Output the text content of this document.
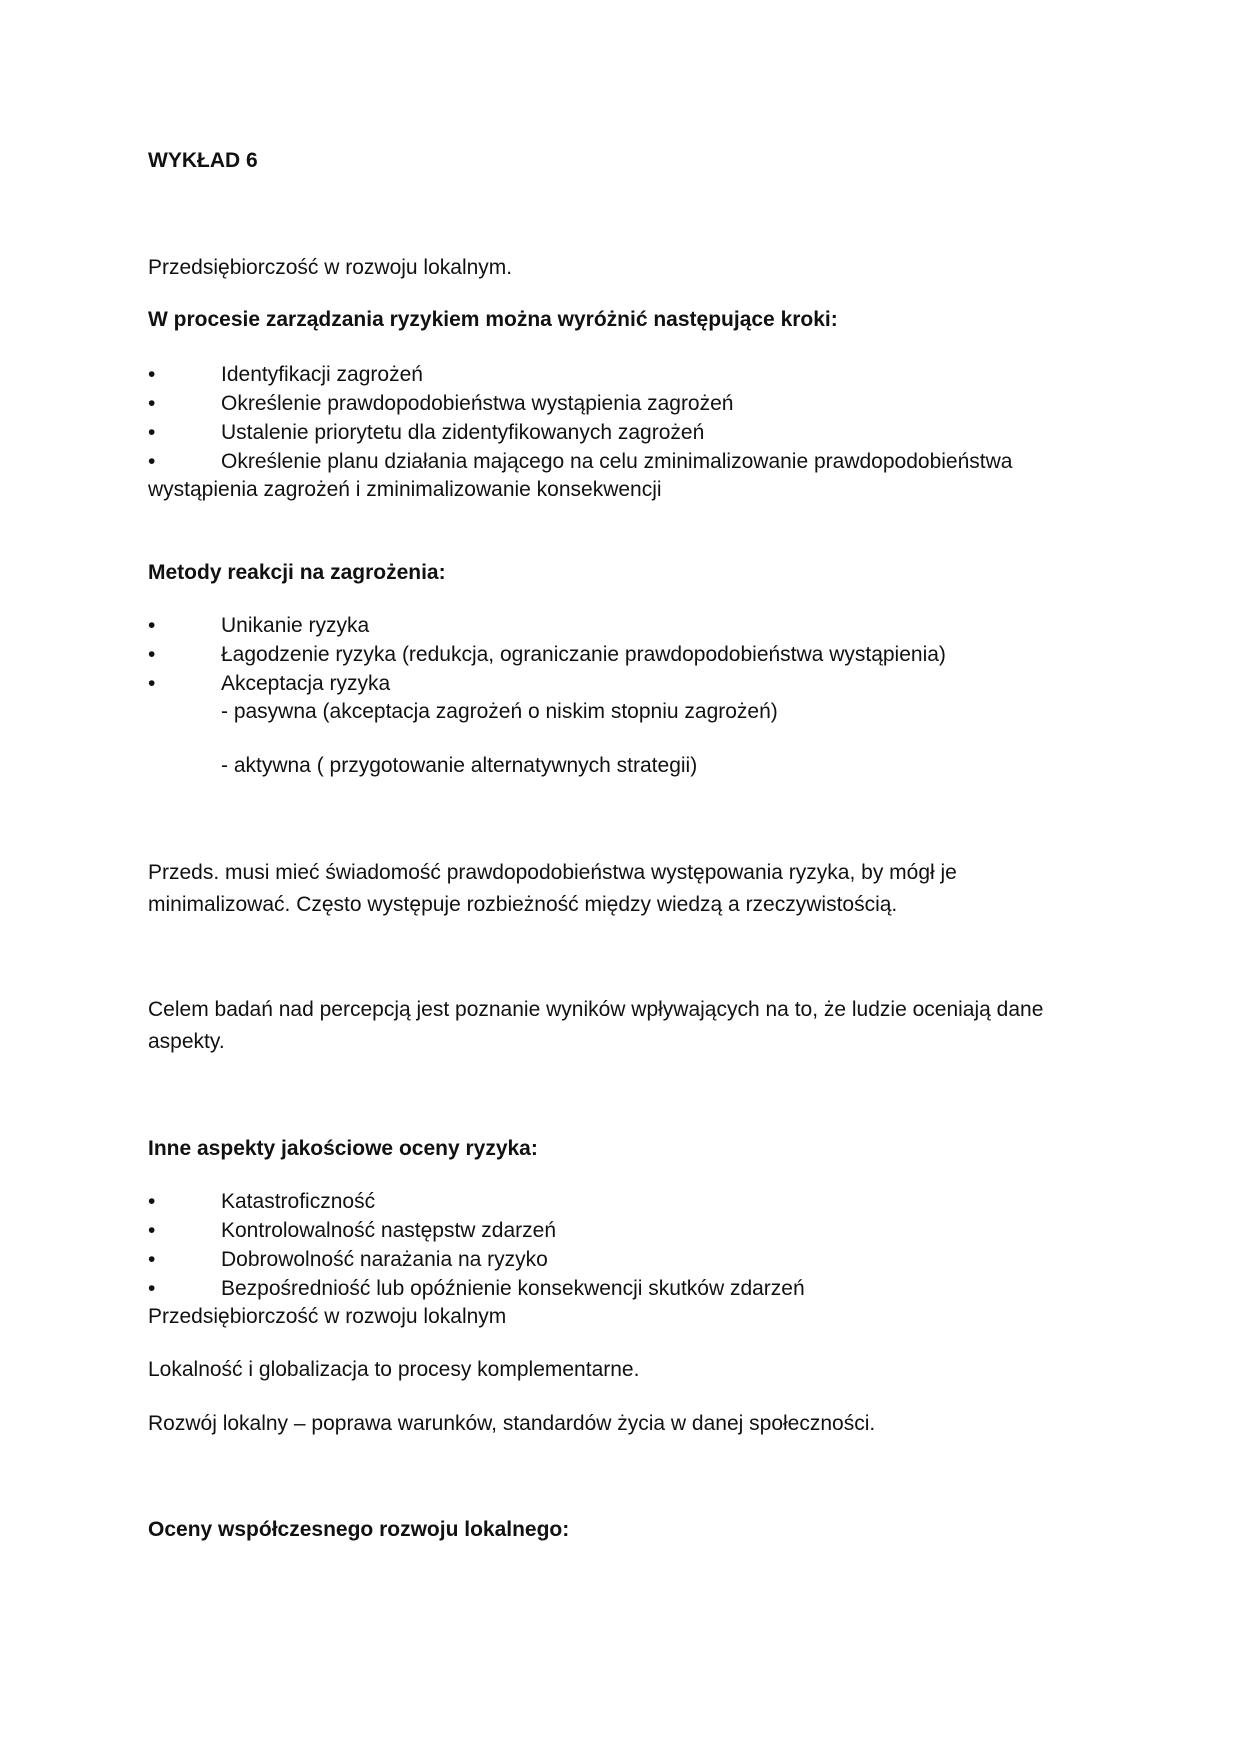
WYKŁAD 6
Przedsiębiorczość w rozwoju lokalnym.
W procesie zarządzania ryzykiem można wyróżnić następujące kroki:
•	Identyfikacji zagrożeń
•	Określenie prawdopodobieństwa wystąpienia zagrożeń
•	Ustalenie priorytetu dla zidentyfikowanych zagrożeń
•	Określenie planu działania mającego na celu zminimalizowanie prawdopodobieństwa
wystąpienia zagrożeń i zminimalizowanie konsekwencji
Metody reakcji na zagrożenia:
•	Unikanie ryzyka
•	Łagodzenie ryzyka (redukcja, ograniczanie prawdopodobieństwa wystąpienia)
•	Akceptacja ryzyka
- pasywna (akceptacja zagrożeń o niskim stopniu zagrożeń)
- aktywna ( przygotowanie alternatywnych strategii)
Przeds. musi mieć świadomość prawdopodobieństwa występowania ryzyka, by mógł je
minimalizować. Często występuje rozbieżność między wiedzą a rzeczywistością.
Celem badań nad percepcją jest poznanie wyników wpływających na to, że ludzie oceniają dane
aspekty.
Inne aspekty jakościowe oceny ryzyka:
•	Katastroficzność
•	Kontrolowalność następstw zdarzeń
•	Dobrowolność narażania na ryzyko
•	Bezpośredniość lub opóźnienie konsekwencji skutków zdarzeń
Przedsiębiorczość w rozwoju lokalnym
Lokalność i globalizacja to procesy komplementarne.
Rozwój lokalny – poprawa warunków, standardów życia w danej społeczności.
Oceny współczesnego rozwoju lokalnego:
